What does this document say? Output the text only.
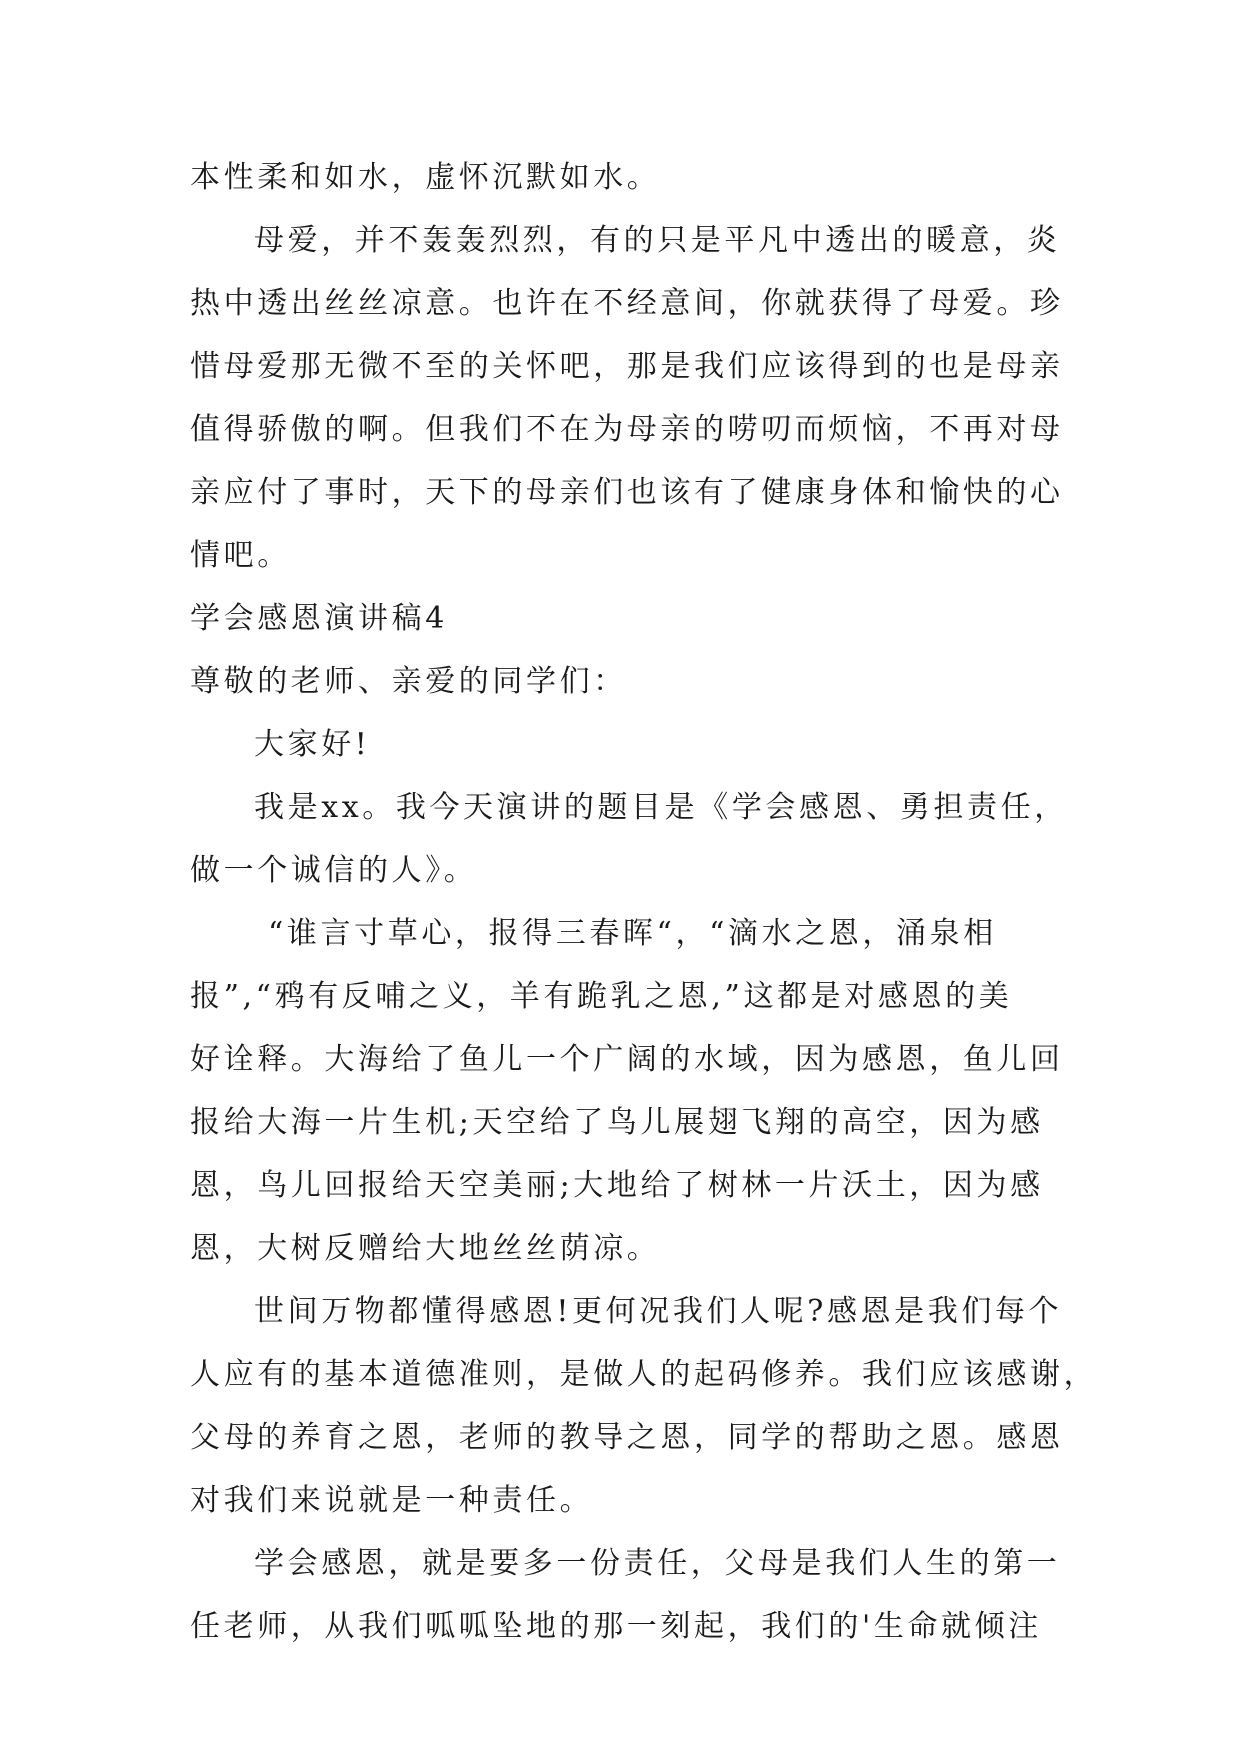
本性柔和如水，虚怀沉默如水。
母爱，并不轰轰烈烈，有的只是平凡中透出的暖意，炎
热中透出丝丝凉意。也许在不经意间，你就获得了母爱。珍
惜母爱那无微不至的关怀吧，那是我们应该得到的也是母亲
值得骄傲的啊。但我们不在为母亲的唠叨而烦恼，不再对母
亲应付了事时，天下的母亲们也该有了健康身体和愉快的心
情吧。
学会感恩演讲稿4
尊敬的老师、亲爱的同学们：
大家好!
我是xx。我今天演讲的题目是《学会感恩、勇担责任，
做一个诚信的人》。
“谁言寸草心，报得三春晖“，“滴水之恩，涌泉相
报”,“鸦有反哺之义，羊有跪乳之恩,”这都是对感恩的美
好诠释。大海给了鱼儿一个广阔的水域，因为感恩，鱼儿回
报给大海一片生机;天空给了鸟儿展翅飞翔的高空，因为感
恩，鸟儿回报给天空美丽;大地给了树林一片沃土，因为感
恩，大树反赠给大地丝丝荫凉。
世间万物都懂得感恩!更何况我们人呢?感恩是我们每个
人应有的基本道德准则，是做人的起码修养。我们应该感谢，
父母的养育之恩，老师的教导之恩，同学的帮助之恩。感恩
对我们来说就是一种责任。
学会感恩，就是要多一份责任，父母是我们人生的第一
任老师，从我们呱呱坠地的那一刻起，我们的'生命就倾注
